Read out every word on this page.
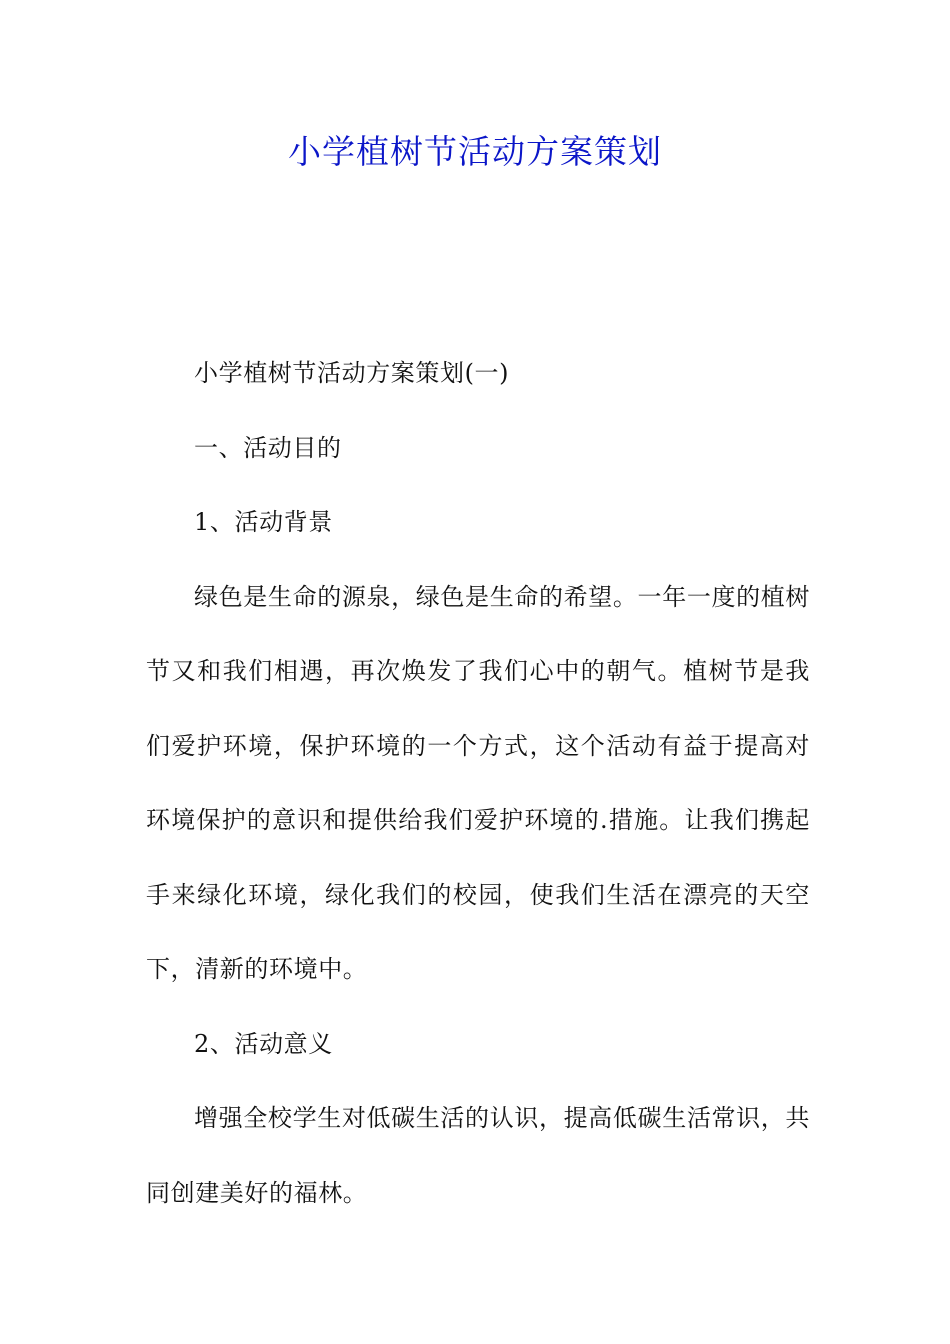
小学植树节活动方案策划

小学植树节活动方案策划(一)

一、活动目的

1、活动背景

绿色是生命的源泉，绿色是生命的希望。一年一度的植树节又和我们相遇，再次焕发了我们心中的朝气。植树节是我们爱护环境，保护环境的一个方式，这个活动有益于提高对环境保护的意识和提供给我们爱护环境的.措施。让我们携起手来绿化环境，绿化我们的校园，使我们生活在漂亮的天空下，清新的环境中。

2、活动意义

增强全校学生对低碳生活的认识，提高低碳生活常识，共同创建美好的福林。
